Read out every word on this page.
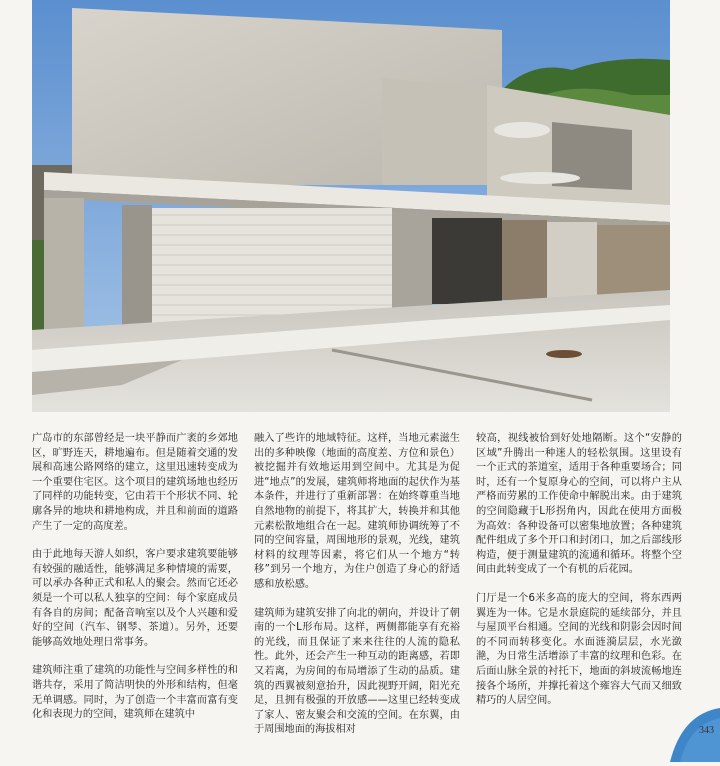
广岛市的东部曾经是一块平静而广袤的乡郊地区，旷野连天，耕地遍布。但是随着交通的发展和高速公路网络的建立，这里迅速转变成为一个重要住宅区。这个项目的建筑场地也经历了同样的功能转变，它由若干个形状不同、轮廓各异的地块和耕地构成，并且和前面的道路产生了一定的高度差。

由于此地每天游人如织，客户要求建筑要能够有较强的融适性，能够满足多种情境的需要，可以承办各种正式和私人的聚会。然而它还必须是一个可以私人独享的空间：每个家庭成员有各自的房间；配备音响室以及个人兴趣和爱好的空间（汽车、钢琴、茶道）。另外，还要能够高效地处理日常事务。

建筑师注重了建筑的功能性与空间多样性的和谐共存，采用了简洁明快的外形和结构，但毫无单调感。同时，为了创造一个丰富而富有变化和表现力的空间，建筑师在建筑中

融入了些许的地域特征。这样，当地元素滋生出的多种映像（地面的高度差、方位和景色）被挖掘并有效地运用到空间中。尤其是为促进“地点”的发展，建筑师将地面的起伏作为基本条件，并进行了重新部署：在始终尊重当地自然地物的前提下，将其扩大，转换并和其他元素松散地组合在一起。建筑师协调统筹了不同的空间容量，周围地形的景观，光线，建筑材料的纹理等因素，将它们从一个地方“转移”到另一个地方，为住户创造了身心的舒适感和放松感。

建筑师为建筑安排了向北的朝向，并设计了朝南的一个L形布局。这样，两侧都能享有充裕的光线，而且保证了来来往往的人流的隐私性。此外，还会产生一种互动的距离感，若即又若离，为房间的布局增添了生动的品质。建筑的西翼被刻意抬升，因此视野开阔，阳光充足，且拥有极强的开放感——这里已经转变成了家人、密友聚会和交流的空间。在东翼，由于周围地面的海拔相对

较高，视线被恰到好处地隔断。这个“安静的区域”升腾出一种迷人的轻松氛围。这里设有一个正式的茶道室，适用于各种重要场合；同时，还有一个复原身心的空间，可以将户主从严格而劳累的工作使命中解脱出来。由于建筑的空间隐藏于L形拐角内，因此在使用方面极为高效：各种设备可以密集地放置；各种建筑配件组成了多个开口和封闭口，加之后部线形构造，便于测量建筑的流通和循环。将整个空间由此转变成了一个有机的后花园。

门厅是一个6米多高的庞大的空间，将东西两翼连为一体。它是水景庭院的延续部分，并且与屋顶平台相通。空间的光线和阴影会因时间的不同而转移变化。水面涟漪层层，水光潋滟，为日常生活增添了丰富的纹理和色彩。在后面山脉全景的衬托下，地面的斜坡流畅地连接各个场所，并撑托着这个雍容大气而又细致精巧的人居空间。

343
